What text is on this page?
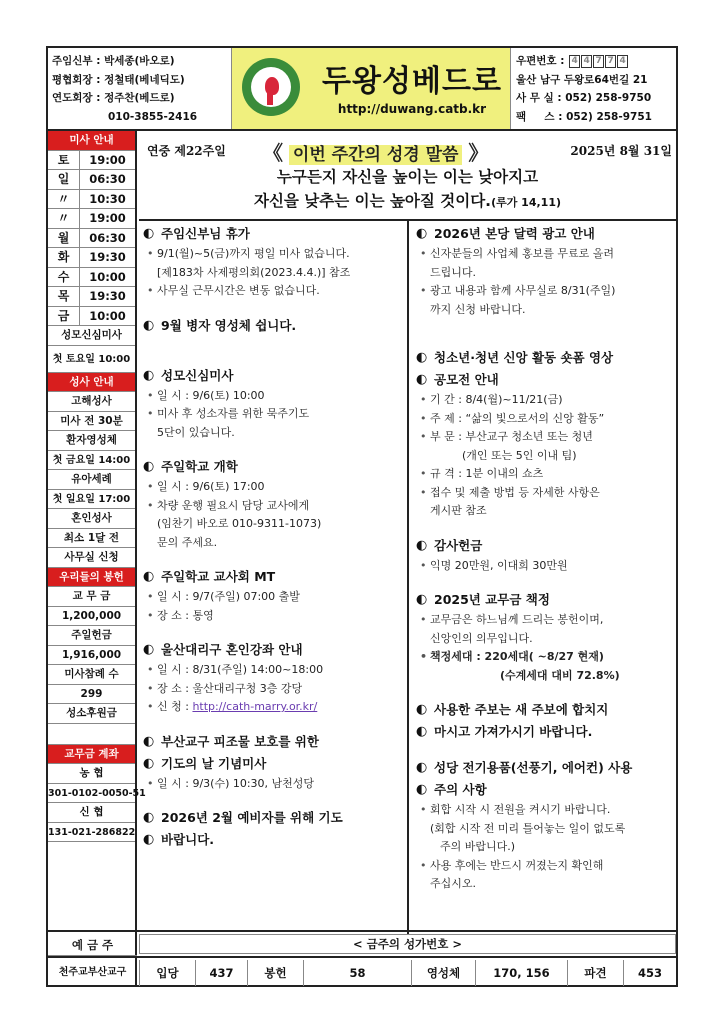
주임신부 : 박세종(바오로)
평협회장 : 정철태(베네딕도)
연도회장 : 정주찬(베드로)
010-3855-2416
두왕성베드로
http://duwang.catb.kr
우편번호 : 4 4 7 7 4
울산 남구 두왕로64번길 21
사 무 실 : 052) 258-9750
팩     스 : 052) 258-9751
미사 안내
토	19:00
일	06:30
〃	10:30
〃	19:00
월	06:30
화	19:30
수	10:00
목	19:30
금	10:00
성모신심미사
첫 토요일 10:00
성사 안내
고해성사
미사 전 30분
환자영성체
첫 금요일 14:00
유아세례
첫 일요일 17:00
혼인성사
최소 1달 전
사무실 신청
우리들의 봉헌
교 무 금
1,200,000
주일헌금
1,916,000
미사참례 수
299
성소후원금
교무금 계좌
농 협
301-0102-0050-51
신 협
131-021-286822
연중 제22주일 《 이번 주간의 성경 말씀 》	2025년 8월 31일
누구든지 자신을 높이는 이는 낮아지고
자신을 낮추는 이는 높아질 것이다.(루가 14,11)
◐ 주임신부님 휴가
• 9/1(월)~5(금)까지 평일 미사 없습니다.
[제183차 사제평의회(2023.4.4.)] 참조
• 사무실 근무시간은 변동 없습니다.
◐ 9월 병자 영성체 쉽니다.
◐ 성모신심미사
• 일 시 : 9/6(토) 10:00
• 미사 후 성소자를 위한 묵주기도
5단이 있습니다.
◐ 주일학교 개학
• 일 시 : 9/6(토) 17:00
• 차량 운행 필요시 담당 교사에게
(임찬기 바오로 010-9311-1073)
문의 주세요.
◐ 주일학교 교사회 MT
• 일 시 : 9/7(주일) 07:00 출발
• 장 소 : 통영
◐ 울산대리구 혼인강좌 안내
• 일 시 : 8/31(주일) 14:00~18:00
• 장 소 : 울산대리구청 3층 강당
• 신 청 : http://cath-marry.or.kr/
◐ 부산교구 피조물 보호를 위한
◐ 기도의 날 기념미사
• 일 시 : 9/3(수) 10:30, 남천성당
◐ 2026년 2월 예비자를 위해 기도
◐ 바랍니다.
◐ 2026년 본당 달력 광고 안내
• 신자분들의 사업체 홍보를 무료로 올려
드립니다.
• 광고 내용과 함께 사무실로 8/31(주일)
까지 신청 바랍니다.
◐ 청소년·청년 신앙 활동 숏폼 영상
◐ 공모전 안내
• 기 간 : 8/4(월)~11/21(금)
• 주 제 : “삶의 빛으로서의 신앙 활동”
• 부 문 : 부산교구 청소년 또는 청년
(개인 또는 5인 이내 팀)
• 규 격 : 1분 이내의 쇼츠
• 접수 및 제출 방법 등 자세한 사항은
게시판 참조
◐ 감사헌금
• 익명 20만원, 이대희 30만원
◐ 2025년 교무금 책정
• 교무금은 하느님께 드리는 봉헌이며,
신앙인의 의무입니다.
• 책정세대 : 220세대( ~8/27 현재)
(수계세대 대비 72.8%)
◐ 사용한 주보는 새 주보에 합치지
◐ 마시고 가져가시기 바랍니다.
◐ 성당 전기용품(선풍기, 에어컨) 사용
◐ 주의 사항
• 회합 시작 시 전원을 켜시기 바랍니다.
(회합 시작 전 미리 틀어놓는 일이 없도록
주의 바랍니다.)
• 사용 후에는 반드시 꺼졌는지 확인해
주십시오.
예 금 주	< 금주의 성가번호 >
천주교부산교구	입당	437	봉헌	58	영성체	170, 156	파견	453
